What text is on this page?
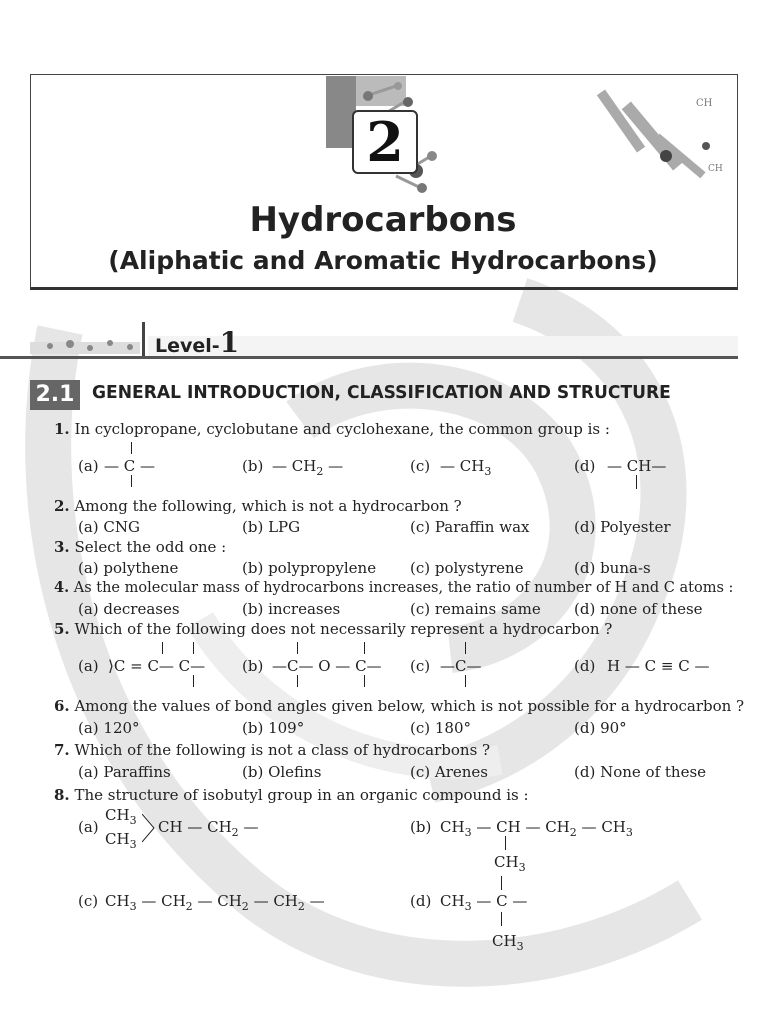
2
CH
CH
Hydrocarbons
(Aliphatic and Aromatic Hydrocarbons)
Level-1
2.1 GENERAL INTRODUCTION, CLASSIFICATION AND STRUCTURE
1. In cyclopropane, cyclobutane and cyclohexane, the common group is :
(a) — C —	(b) — $CH_2$ —	(c) — $CH_3$	(d) — CH—
2. Among the following, which is not a hydrocarbon ?
(a) CNG	(b) LPG	(c) Paraffin wax	(d) Polyester
3. Select the odd one :
(a) polythene	(b) polypropylene (c) polystyrene	(d) buna-s
4. As the molecular mass of hydrocarbons increases, the ratio of number of H and C atoms :
(a) decreases	(b) increases	(c) remains same (d) none of these
5. Which of the following does not necessarily represent a hydrocarbon ?
(a) ⟩C = C— C— (b) —C— O — C— (c) —C—	(d) H — C ≡ C —
6. Among the values of bond angles given below, which is not possible for a hydrocarbon ?
(a) 120°	(b) 109°	(c) 180°	(d) 90°
7. Which of the following is not a class of hydrocarbons ?
(a) Paraffins	(b) Olefins	(c) Arenes	(d) None of these
8. The structure of isobutyl group in an organic compound is :
(a)
$CH_3$
$CH_3$
CH — $CH_2$ —	(b) $CH_3$ — CH — $CH_2$ — $CH_3$
$CH_3$
(c) $CH_3$ — $CH_2$ — $CH_2$ — $CH_2$ —	(d) $CH_3$ — C —
$CH_3$
